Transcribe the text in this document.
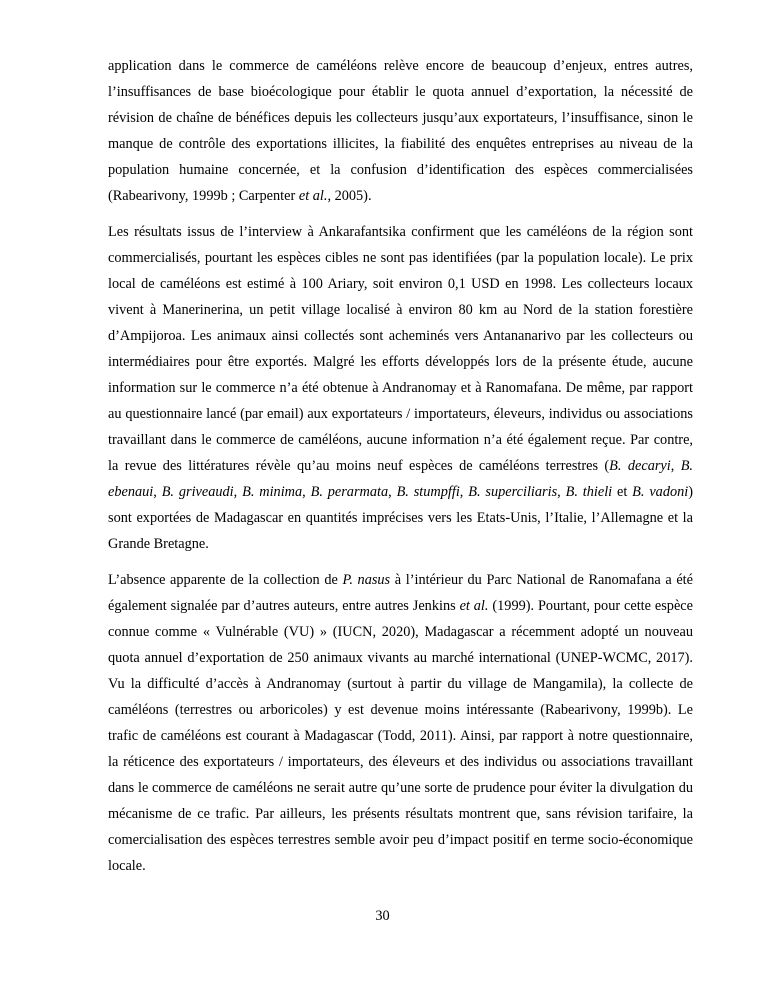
application dans le commerce de caméléons relève encore de beaucoup d’enjeux, entres autres, l’insuffisances de base bioécologique pour établir le quota annuel d’exportation, la nécessité de révision de chaîne de bénéfices depuis les collecteurs jusqu’aux exportateurs, l’insuffisance, sinon le manque de contrôle des exportations illicites, la fiabilité des enquêtes entreprises au niveau de la population humaine concernée, et la confusion d’identification des espèces commercialisées (Rabearivony, 1999b ; Carpenter et al., 2005).

Les résultats issus de l’interview à Ankarafantsika confirment que les caméléons de la région sont commercialisés, pourtant les espèces cibles ne sont pas identifiées (par la population locale). Le prix local de caméléons est estimé à 100 Ariary, soit environ 0,1 USD en 1998. Les collecteurs locaux vivent à Manerinerina, un petit village localisé à environ 80 km au Nord de la station forestière d’Ampijoroa. Les animaux ainsi collectés sont acheminés vers Antananarivo par les collecteurs ou intermédiaires pour être exportés. Malgré les efforts développés lors de la présente étude, aucune information sur le commerce n’a été obtenue à Andranomay et à Ranomafana. De même, par rapport au questionnaire lancé (par email) aux exportateurs / importateurs, éleveurs, individus ou associations travaillant dans le commerce de caméléons, aucune information n’a été également reçue. Par contre, la revue des littératures révèle qu’au moins neuf espèces de caméléons terrestres (B. decaryi, B. ebenaui, B. griveaudi, B. minima, B. perarmata, B. stumpffi, B. superciliaris, B. thieli et B. vadoni) sont exportées de Madagascar en quantités imprécises vers les Etats-Unis, l’Italie, l’Allemagne et la Grande Bretagne.

L’absence apparente de la collection de P. nasus à l’intérieur du Parc National de Ranomafana a été également signalée par d’autres auteurs, entre autres Jenkins et al. (1999). Pourtant, pour cette espèce connue comme « Vulnérable (VU) » (IUCN, 2020), Madagascar a récemment adopté un nouveau quota annuel d’exportation de 250 animaux vivants au marché international (UNEP-WCMC, 2017). Vu la difficulté d’accès à Andranomay (surtout à partir du village de Mangamila), la collecte de caméléons (terrestres ou arboricoles) y est devenue moins intéressante (Rabearivony, 1999b). Le trafic de caméléons est courant à Madagascar (Todd, 2011). Ainsi, par rapport à notre questionnaire, la réticence des exportateurs / importateurs, des éleveurs et des individus ou associations travaillant dans le commerce de caméléons ne serait autre qu’une sorte de prudence pour éviter la divulgation du mécanisme de ce trafic. Par ailleurs, les présents résultats montrent que, sans révision tarifaire, la comercialisation des espèces terrestres semble avoir peu d’impact positif en terme socio-économique locale.

30
